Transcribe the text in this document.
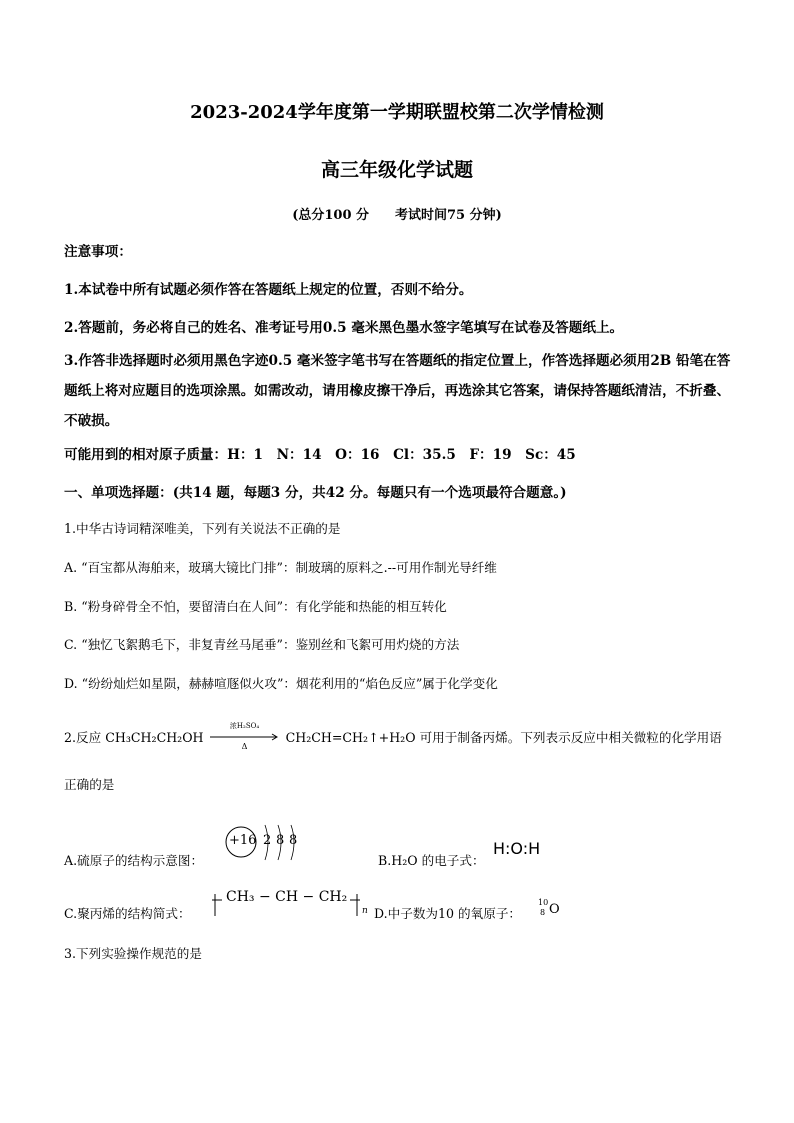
2023-2024学年度第一学期联盟校第二次学情检测
高三年级化学试题
(总分100 分　　考试时间75 分钟)
注意事项：
1.本试卷中所有试题必须作答在答题纸上规定的位置，否则不给分。
2.答题前，务必将自己的姓名、准考证号用0.5 毫米黑色墨水签字笔填写在试卷及答题纸上。
3.作答非选择题时必须用黑色字迹0.5 毫米签字笔书写在答题纸的指定位置上，作答选择题必须用2B 铅笔在答题纸上将对应题目的选项涂黑。如需改动，请用橡皮擦干净后，再选涂其它答案，请保持答题纸清洁，不折叠、不破损。
可能用到的相对原子质量：H：1　N：14　O：16　Cl：35.5　F：19　Sc：45
一、单项选择题：(共14 题，每题3 分，共42 分。每题只有一个选项最符合题意。)
1.中华古诗词精深唯美，下列有关说法不正确的是
A. “百宝都从海舶来，玻璃大镜比门排”：制玻璃的原料之.--可用作制光导纤维
B. “粉身碎骨全不怕，要留清白在人间”：有化学能和热能的相互转化
C. “独忆飞絮鹅毛下，非复青丝马尾垂”：鉴别丝和飞絮可用灼烧的方法
D. “纷纷灿烂如星陨，赫赫喧豗似火攻”：烟花利用的“焰色反应”属于化学变化
2.反应 CH₃CH₂CH₂OH
浓H₂SO₄
Δ
CH₂CH=CH₂↑+H₂O 可用于制备丙烯。下列表示反应中相关微粒的化学用语
正确的是
A.硫原子的结构示意图：
+16 2 8 8
B.H₂O 的电子式：
H:O:H
C.聚丙烯的结构简式：
CH₃ − CH − CH₂
n D.中子数为10 的氧原子：
10
8 O
3.下列实验操作规范的是
